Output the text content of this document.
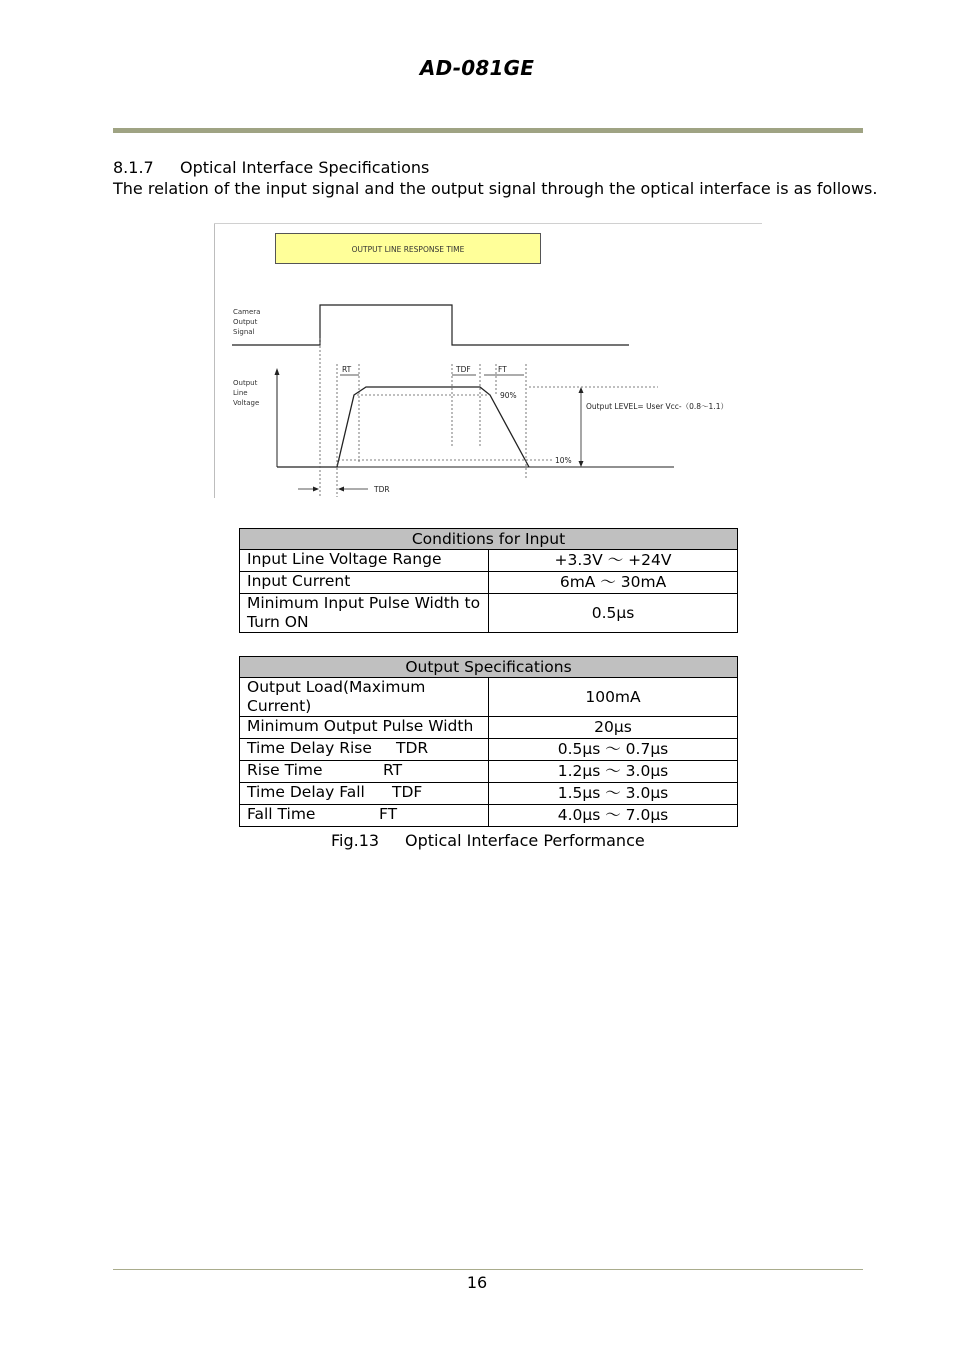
AD-081GE
8.1.7 Optical Interface Specifications
The relation of the input signal and the output signal through the optical interface is as follows.
OUTPUT LINE RESPONSE TIME
Camera Output Signal
Output Line Voltage
RT	TDF	FT
90%
10%
Output LEVEL= User Vcc-（0.8～1.1）
TDR
Conditions for Input	
Input Line Voltage Range	+3.3V ～ +24V
Input Current	6mA ～ 30mA
Minimum Input Pulse Width to Turn ON	0.5μs
Output Specifications	
Output Load(Maximum Current)	100mA
Minimum Output Pulse Width	20μs
Time Delay Rise TDR	0.5μs ～ 0.7μs
Rise Time RT	1.2μs ～ 3.0μs
Time Delay Fall TDF	1.5μs ～ 3.0μs
Fall Time FT	4.0μs ～ 7.0μs
Fig.13 Optical Interface Performance
16
